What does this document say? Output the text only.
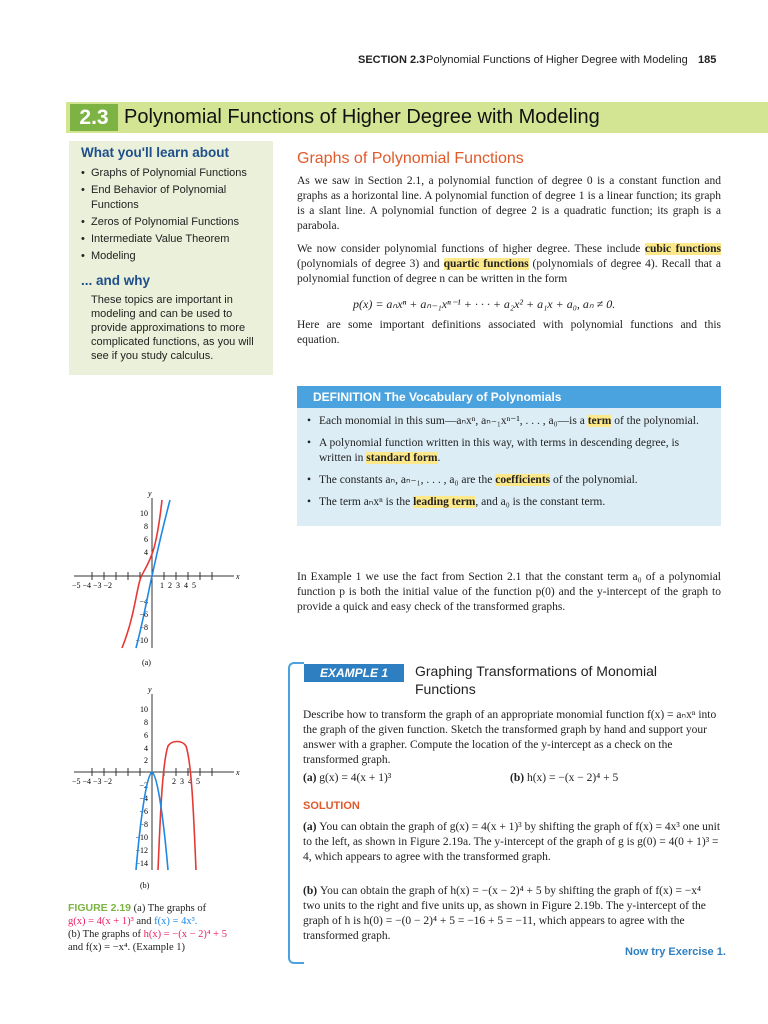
SECTION 2.3 Polynomial Functions of Higher Degree with Modeling 185
2.3 Polynomial Functions of Higher Degree with Modeling
What you'll learn about
• Graphs of Polynomial Functions
• End Behavior of Polynomial Functions
• Zeros of Polynomial Functions
• Intermediate Value Theorem
• Modeling
... and why
These topics are important in modeling and can be used to provide approximations to more complicated functions, as you will see if you study calculus.
Graphs of Polynomial Functions
As we saw in Section 2.1, a polynomial function of degree 0 is a constant function and graphs as a horizontal line. A polynomial function of degree 1 is a linear function; its graph is a slant line. A polynomial function of degree 2 is a quadratic function; its graph is a parabola.
We now consider polynomial functions of higher degree. These include cubic functions (polynomials of degree 3) and quartic functions (polynomials of degree 4). Recall that a polynomial function of degree n can be written in the form
p(x) = aₙxⁿ + aₙ₋₁xⁿ⁻¹ + · · · + a₂x² + a₁x + a₀, aₙ ≠ 0.
Here are some important definitions associated with polynomial functions and this equation.
DEFINITION The Vocabulary of Polynomials
• Each monomial in this sum—aₙxⁿ, aₙ₋₁xⁿ⁻¹, . . . , a₀—is a term of the polynomial.
• A polynomial function written in this way, with terms in descending degree, is written in standard form.
• The constants aₙ, aₙ₋₁, . . . , a₀ are the coefficients of the polynomial.
• The term aₙxⁿ is the leading term, and a₀ is the constant term.
In Example 1 we use the fact from Section 2.1 that the constant term a₀ of a polynomial function p is both the initial value of the function p(0) and the y-intercept of the graph to provide a quick and easy check of the transformed graphs.
EXAMPLE 1	Graphing Transformations of Monomial Functions
Describe how to transform the graph of an appropriate monomial function f(x) = aₙxⁿ into the graph of the given function. Sketch the transformed graph by hand and support your answer with a grapher. Compute the location of the y-intercept as a check on the transformed graph.
(a) g(x) = 4(x + 1)³	(b) h(x) = −(x − 2)⁴ + 5
SOLUTION
(a) You can obtain the graph of g(x) = 4(x + 1)³ by shifting the graph of f(x) = 4x³ one unit to the left, as shown in Figure 2.19a. The y-intercept of the graph of g is g(0) = 4(0 + 1)³ = 4, which appears to agree with the transformed graph.
(b) You can obtain the graph of h(x) = −(x − 2)⁴ + 5 by shifting the graph of f(x) = −x⁴ two units to the right and five units up, as shown in Figure 2.19b. The y-intercept of the graph of h is h(0) = −(0 − 2)⁴ + 5 = −16 + 5 = −11, which appears to agree with the transformed graph.
Now try Exercise 1.
y
x
10
8
6
4
−4
−6
−8
−10
−5 −4 −3 −2	1  2  3  4  5
(a)
y
x
10
8
6
4
2
−2
−4
−6
−8
−10
−12
−14
−5 −4 −3 −2	2  3  4  5
(b)
FIGURE 2.19 (a) The graphs of
g(x) = 4(x + 1)³ and f(x) = 4x³.
(b) The graphs of h(x) = −(x − 2)⁴ + 5
and f(x) = −x⁴. (Example 1)
